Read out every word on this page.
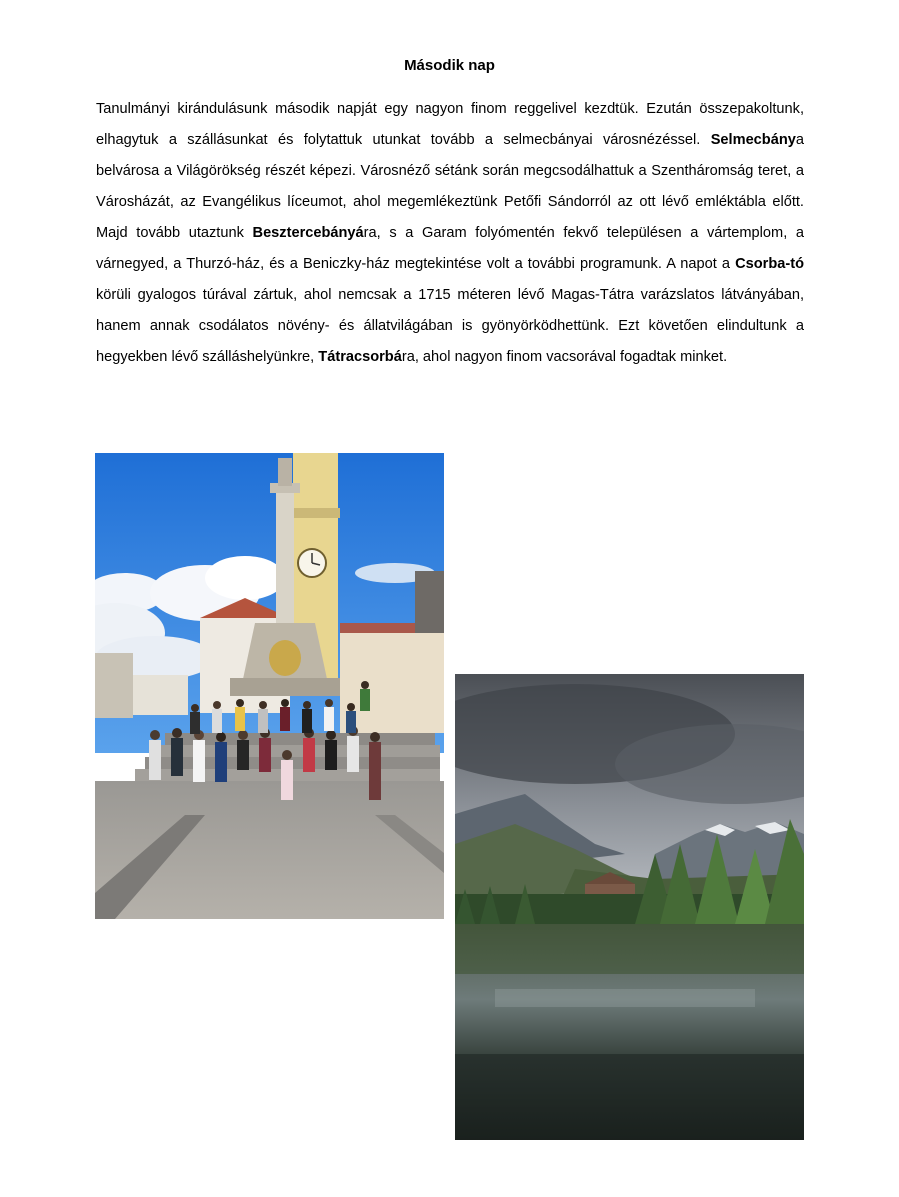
Második nap

Tanulmányi kirándulásunk második napját egy nagyon finom reggelivel kezdtük. Ezután összepakoltunk, elhagytuk a szállásunkat és folytattuk utunkat tovább a selmecbányai városnézéssel. Selmecbánya belvárosa a Világörökség részét képezi. Városnéző sétánk során megcsodálhattuk a Szentháromság teret, a Városházát, az Evangélikus líceumot, ahol megemlékeztünk Petőfi Sándorról az ott lévő emléktábla előtt. Majd tovább utaztunk Besztercebányára, s a Garam folyómentén fekvő településen a vártemplom, a várnegyed, a Thurzó-ház, és a Beniczky-ház megtekintése volt a további programunk. A napot a Csorba-tó körüli gyalogos túrával zártuk, ahol nemcsak a 1715 méteren lévő Magas-Tátra varázslatos látványában, hanem annak csodálatos növény- és állatvilágában is gyönyörködhettünk. Ezt követően elindultunk a hegyekben lévő szálláshelyünkre, Tátracsorbára, ahol nagyon finom vacsorával fogadtak minket.
